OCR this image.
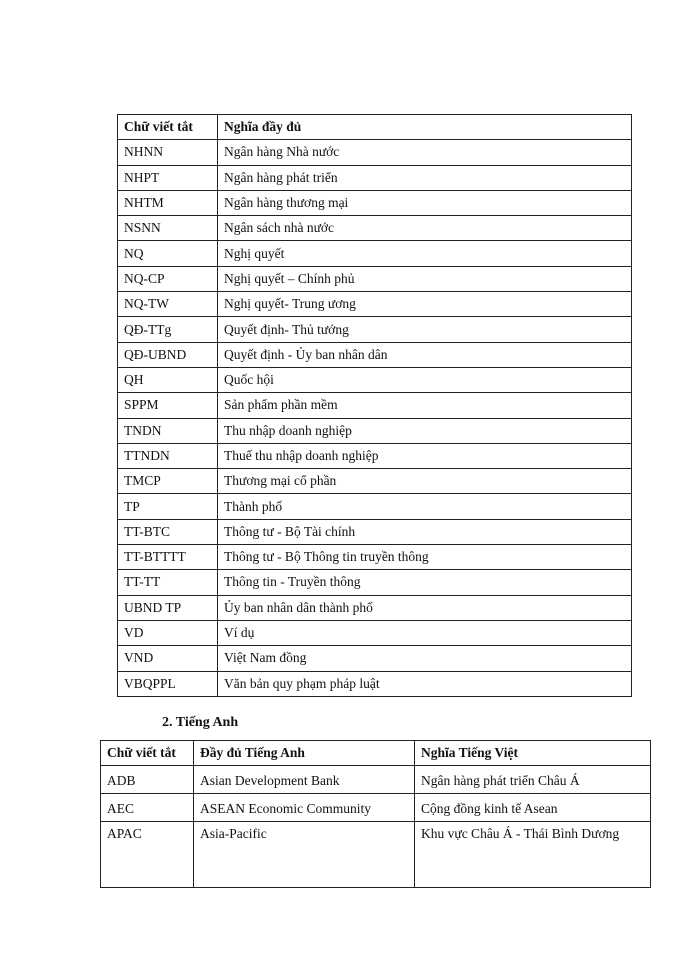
Chữ viết tắt	Nghĩa đầy đủ
NHNN	Ngân hàng Nhà nước
NHPT	Ngân hàng phát triển
NHTM	Ngân hàng thương mại
NSNN	Ngân sách nhà nước
NQ	Nghị quyết
NQ-CP	Nghị quyết – Chính phủ
NQ-TW	Nghị quyết- Trung ương
QĐ-TTg	Quyết định- Thủ tướng
QĐ-UBND	Quyết định - Ủy ban nhân dân
QH	Quốc hội
SPPM	Sản phẩm phần mềm
TNDN	Thu nhập doanh nghiệp
TTNDN	Thuế thu nhập doanh nghiệp
TMCP	Thương mại cổ phần
TP	Thành phố
TT-BTC	Thông tư - Bộ Tài chính
TT-BTTTT	Thông tư - Bộ Thông tin truyền thông
TT-TT	Thông tin - Truyền thông
UBND TP	Ủy ban nhân dân thành phố
VD	Ví dụ
VND	Việt Nam đồng
VBQPPL	Văn bản quy phạm pháp luật
2. Tiếng Anh
Chữ viết tắt	Đầy đủ Tiếng Anh	Nghĩa Tiếng Việt
ADB	Asian Development Bank	Ngân hàng phát triển Châu Á
AEC	ASEAN Economic Community	Cộng đồng kinh tế Asean
APAC	Asia-Pacific	Khu vực Châu Á - Thái Bình Dương
